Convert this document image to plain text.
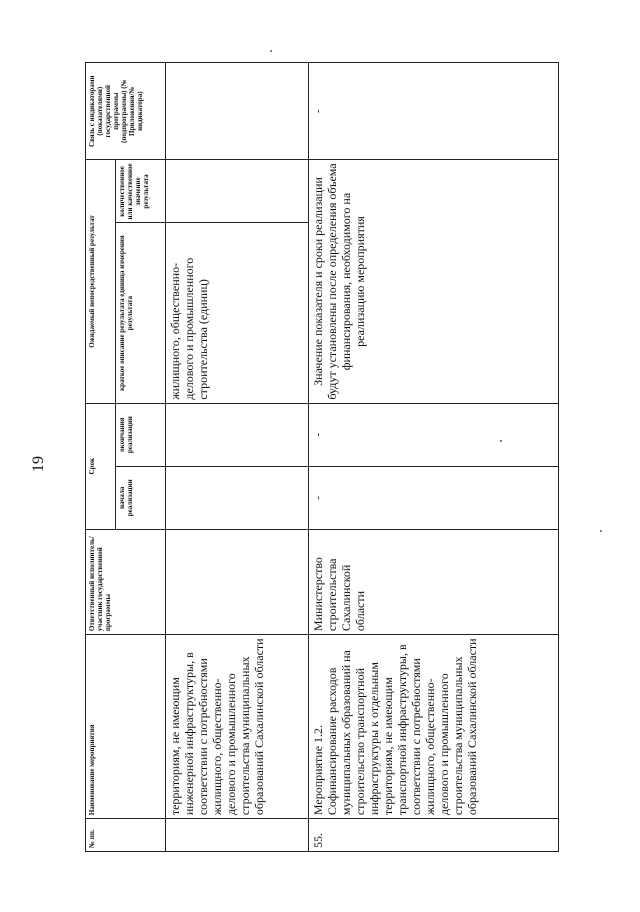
19
№ пп.	Наименование мероприятия	Ответственный исполнитель/участник государственной программы	Срок		Ожидаемый непосредственный результат		Связь с индикаторами (показателями) государственной программы (подпрограммы) (№ Приложения/№ индикатора)
			начала реализации	окончания реализации	краткое описание результата единица измерения результата	количественное или качественное значение результата	
	территориям, не имеющим инженерной инфраструктуры, в соответствии с потребностями жилищного, общественно-делового и промышленного строительства муниципальных образований Сахалинской области				жилищного, общественно-делового и промышленного строительства (единиц)		
55.	Мероприятие 1.2. Софинансирование расходов муниципальных образований на строительство транспортной инфраструктуры к отдельным территориям, не имеющим транспортной инфраструктуры, в соответствии с потребностями жилищного, общественно-делового и промышленного строительства муниципальных образований Сахалинской области	Министерство строительства Сахалинской области	-	-	Значение показателя и сроки реализации будут установлены после определения объема финансирования, необходимого на реализацию мероприятия		-
